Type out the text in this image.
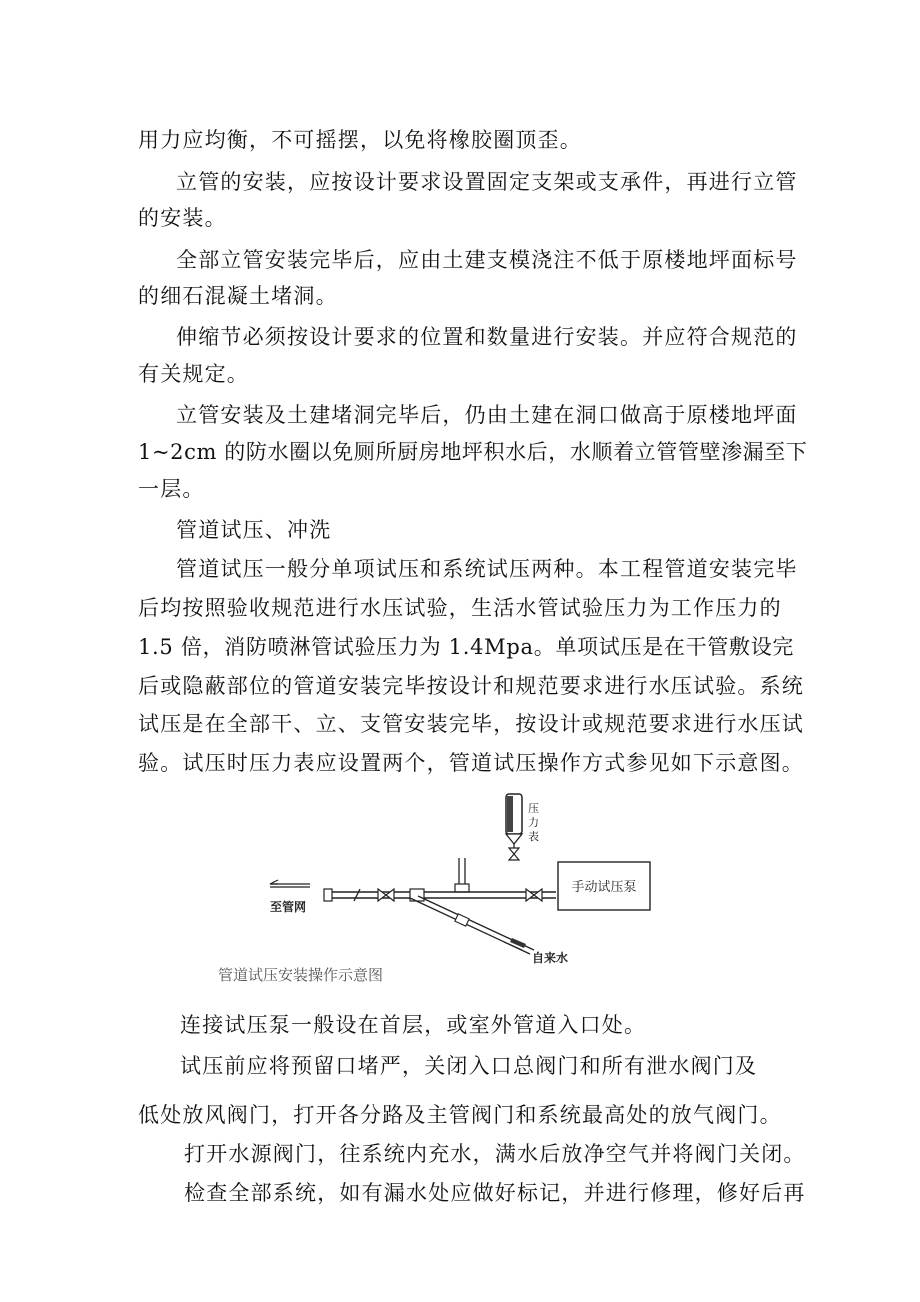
用力应均衡，不可摇摆，以免将橡胶圈顶歪。
立管的安装，应按设计要求设置固定支架或支承件，再进行立管
的安装。
全部立管安装完毕后，应由土建支模浇注不低于原楼地坪面标号
的细石混凝土堵洞。
伸缩节必须按设计要求的位置和数量进行安装。并应符合规范的
有关规定。
立管安装及土建堵洞完毕后，仍由土建在洞口做高于原楼地坪面
1~2cm 的防水圈以免厕所厨房地坪积水后，水顺着立管管壁渗漏至下
一层。
管道试压、冲洗
管道试压一般分单项试压和系统试压两种。本工程管道安装完毕
后均按照验收规范进行水压试验，生活水管试验压力为工作压力的
1.5 倍，消防喷淋管试验压力为 1.4Mpa。单项试压是在干管敷设完
后或隐蔽部位的管道安装完毕按设计和规范要求进行水压试验。系统
试压是在全部干、立、支管安装完毕，按设计或规范要求进行水压试
验。试压时压力表应设置两个，管道试压操作方式参见如下示意图。
压
力
表
至管网
自来水
手动试压泵
管道试压安装操作示意图
连接试压泵一般设在首层，或室外管道入口处。
试压前应将预留口堵严，关闭入口总阀门和所有泄水阀门及
低处放风阀门，打开各分路及主管阀门和系统最高处的放气阀门。
打开水源阀门，往系统内充水，满水后放净空气并将阀门关闭。
检查全部系统，如有漏水处应做好标记，并进行修理，修好后再
